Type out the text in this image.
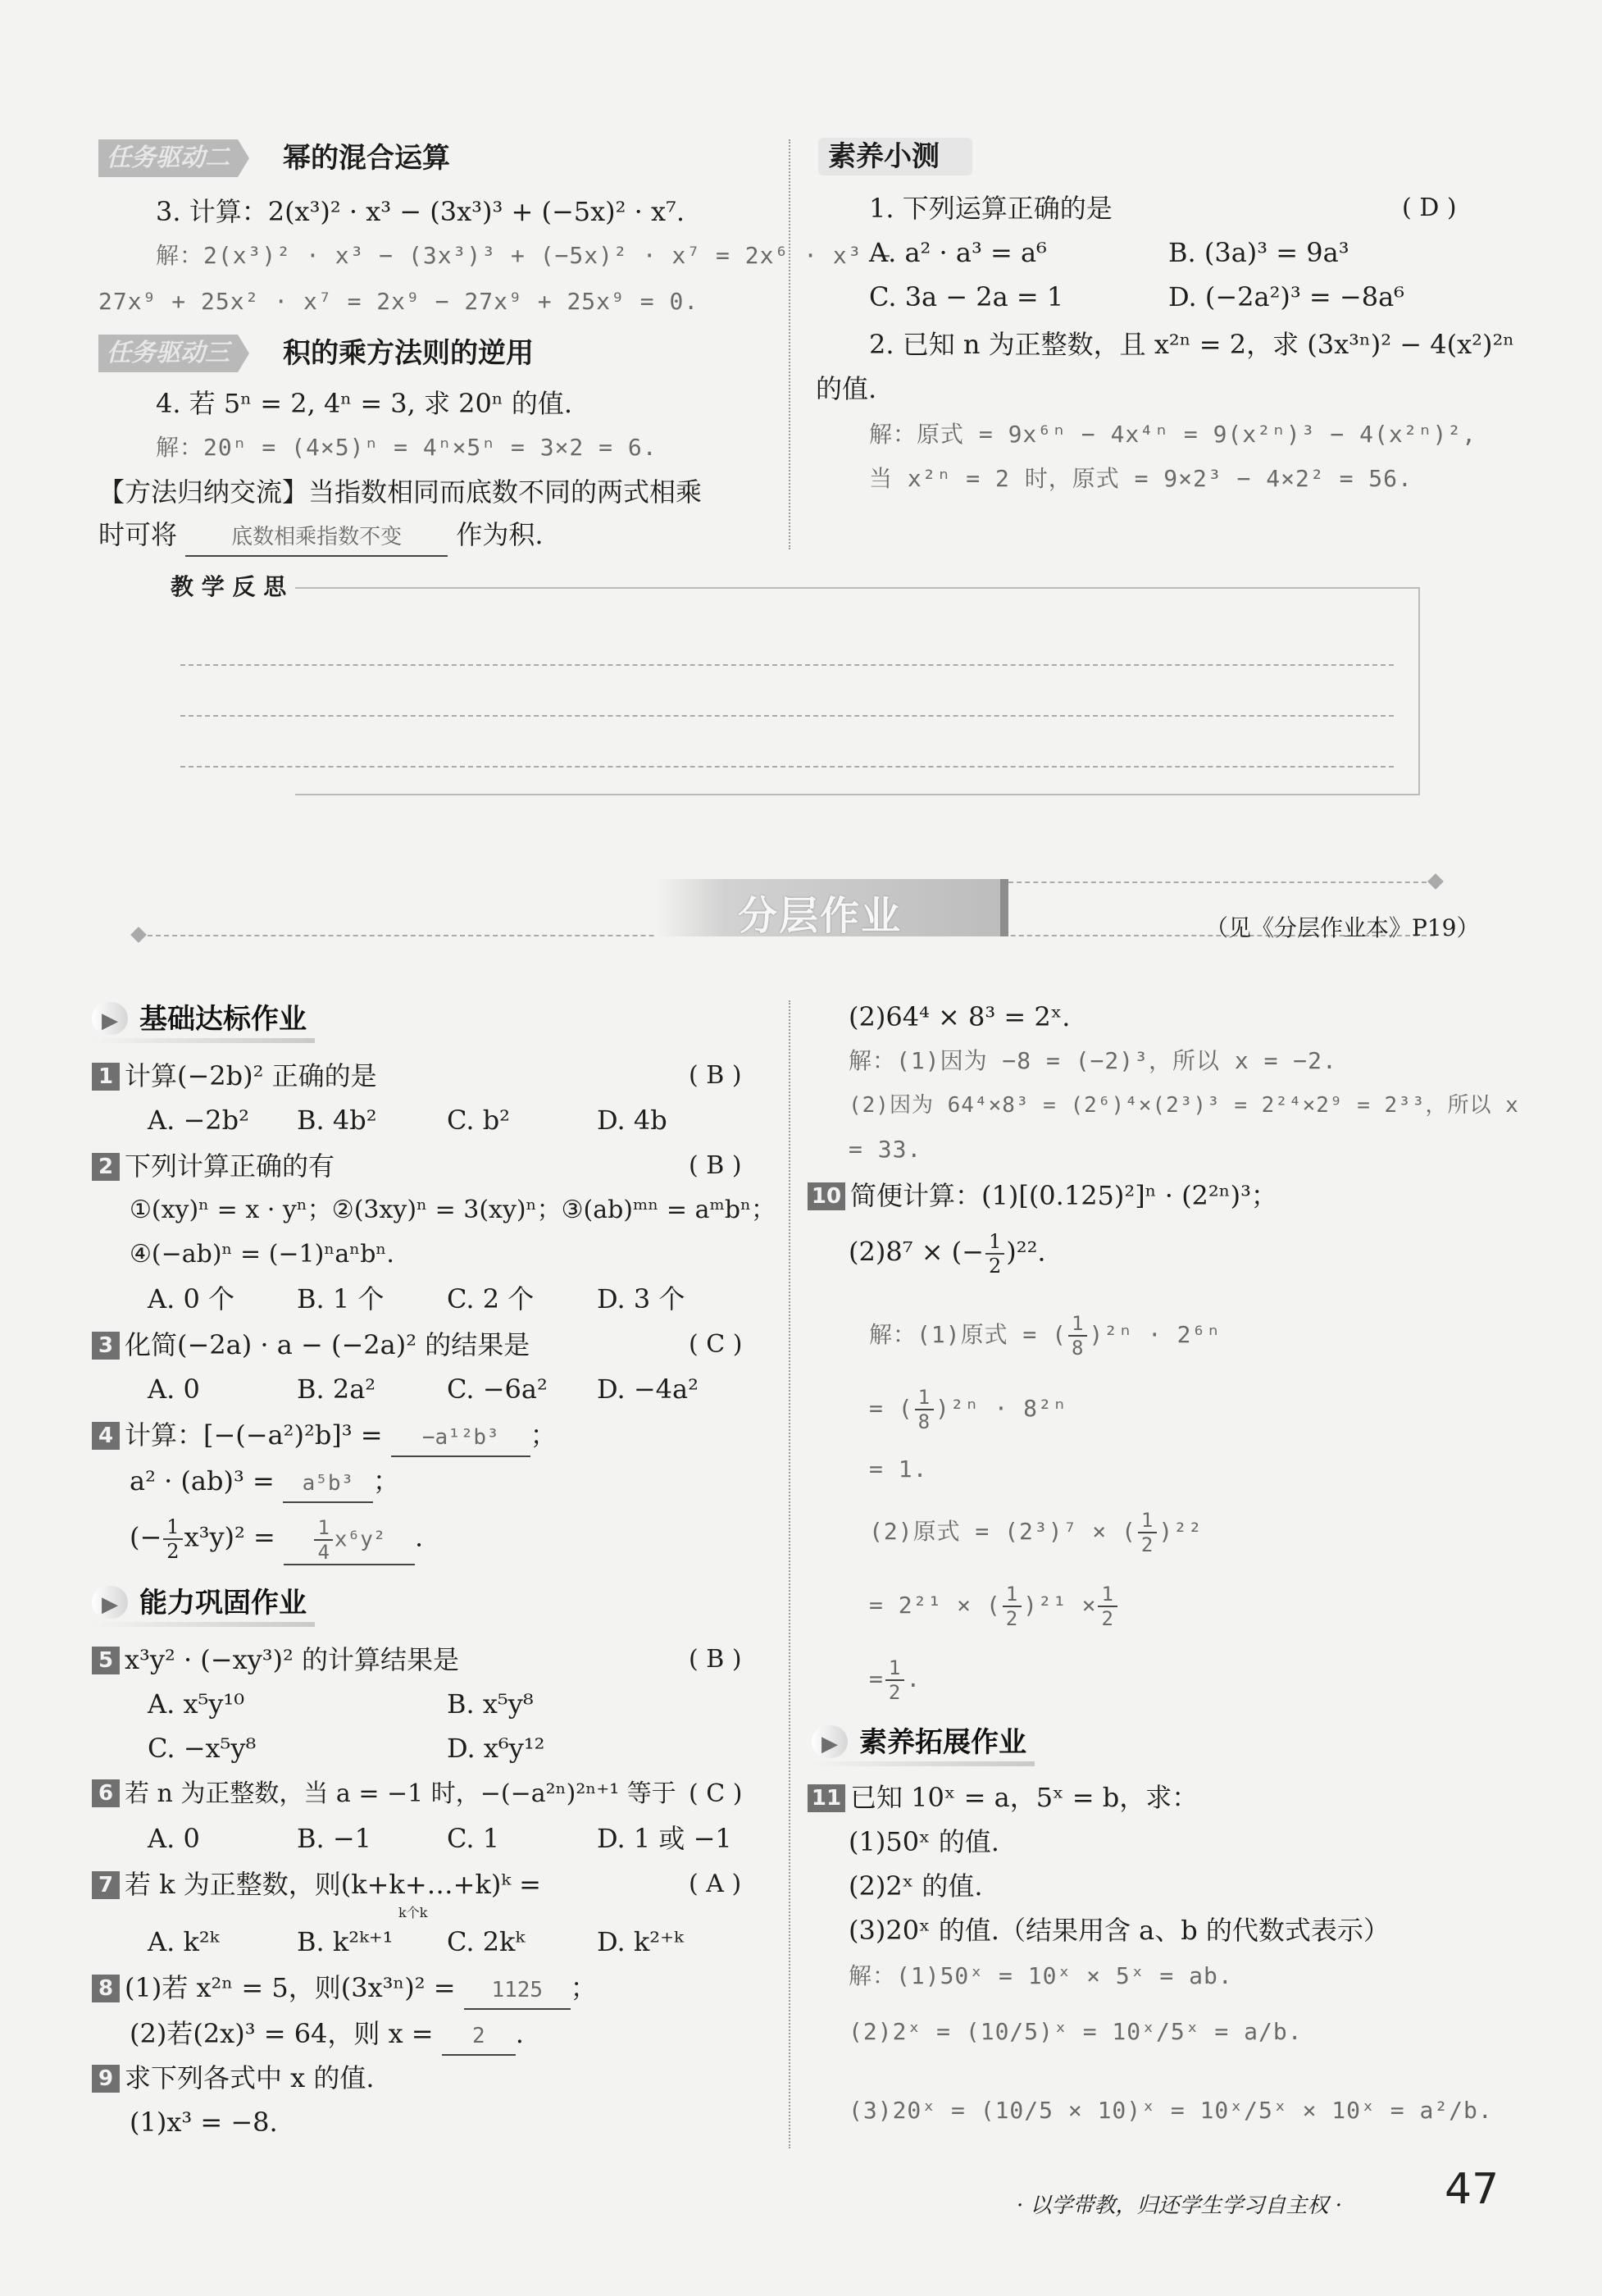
任务驱动二 幂的混合运算
3. 计算：2(x³)² · x³ − (3x³)³ + (−5x)² · x⁷.
解：2(x³)² · x³ − (3x³)³ + (−5x)² · x⁷ = 2x⁶ · x³ −
27x⁹ + 25x² · x⁷ = 2x⁹ − 27x⁹ + 25x⁹ = 0.
任务驱动三 积的乘方法则的逆用
4. 若 5ⁿ = 2, 4ⁿ = 3, 求 20ⁿ 的值.
解：20ⁿ = (4×5)ⁿ = 4ⁿ×5ⁿ = 3×2 = 6.
【方法归纳交流】当指数相同而底数不同的两式相乘
时可将	底数相乘指数不变 作为积.
素养小测
1. 下列运算正确的是	( D )
A. a² · a³ = a⁶	B. (3a)³ = 9a³
C. 3a − 2a = 1	D. (−2a²)³ = −8a⁶
2. 已知 n 为正整数，且 x²ⁿ = 2，求 (3x³ⁿ)² − 4(x²)²ⁿ
的值.
解：原式 = 9x⁶ⁿ − 4x⁴ⁿ = 9(x²ⁿ)³ − 4(x²ⁿ)²,
当 x²ⁿ = 2 时，原式 = 9×2³ − 4×2² = 56.
教 学 反 思
分层作业	（见《分层作业本》P19）
▶
基础达标作业
1 计算(−2b)² 正确的是	( B )
A. −2b² B. 4b²	C. b²	D. 4b
2 下列计算正确的有	( B )
①(xy)ⁿ = x · yⁿ；②(3xy)ⁿ = 3(xy)ⁿ；③(ab)ᵐⁿ = aᵐbⁿ；
④(−ab)ⁿ = (−1)ⁿaⁿbⁿ.
A. 0 个 B. 1 个 C. 2 个 D. 3 个
3 化简(−2a) · a − (−2a)² 的结果是	( C )
A. 0	B. 2a²	C. −6a² D. −4a²
4 计算：[−(−a²)²b]³ = −a¹²b³ ；
a² · (ab)³ = a⁵b³ ；
(− $\frac{1}{2} x^3y)^2 = \frac{1}{4} x^6y^2$ .
▶
能力巩固作业
5 x³y² · (−xy³)² 的计算结果是	( B )
A. x⁵y¹⁰	B. x⁵y⁸
C. −x⁵y⁸	D. x⁶y¹²
6 若 n 为正整数，当 a = −1 时，−(−a²ⁿ)²ⁿ⁺¹ 等于 ( C )
A. 0	B. −1	C. 1	D. 1 或 −1
7 若 k 为正整数，则(k+k+…+k)ᵏ =
k个k
( A )
A. k²ᵏ	B. k²ᵏ⁺¹ C. 2kᵏ	D. k²⁺ᵏ
8 (1)若 x²ⁿ = 5，则(3x³ⁿ)² = 1125 ；
(2)若(2x)³ = 64，则 x = 2 .
9 求下列各式中 x 的值.
(1)x³ = −8.
(2)64⁴ × 8³ = 2ˣ.
解：(1)因为 −8 = (−2)³，所以 x = −2.
(2)因为 64⁴×8³ = (2⁶)⁴×(2³)³ = 2²⁴×2⁹ = 2³³，所以 x
= 33.
10 简便计算：(1)[(0.125)²]ⁿ · (2²ⁿ)³；
(2)8⁷ × (− $\frac{1}{2} )^{22}$.
解：(1)原式 = ( $\frac{1}{8} )^{2n} \cdot 2^{6n}$
= ( $\frac{1}{8} )^{2n} \cdot 8^{2n}$
= 1.
(2)原式 = (2³)⁷ × ( $\frac{1}{2} )^{22}$
= 2²¹ × ( $\frac{1}{2} )^{21} \times \frac{1}{2}$
= $\frac{1}{2}$ .
▶
素养拓展作业
11 已知 10ˣ = a，5ˣ = b，求：
(1)50ˣ 的值.
(2)2ˣ 的值.
(3)20ˣ 的值.（结果用含 a、b 的代数式表示）
解：(1)50ˣ = 10ˣ × 5ˣ = ab.
(2)2ˣ = (10/5)ˣ = 10ˣ/5ˣ = a/b.
(3)20ˣ = (10/5 × 10)ˣ = 10ˣ/5ˣ × 10ˣ = a²/b.
· 以学带教，归还学生学习自主权 · 47
